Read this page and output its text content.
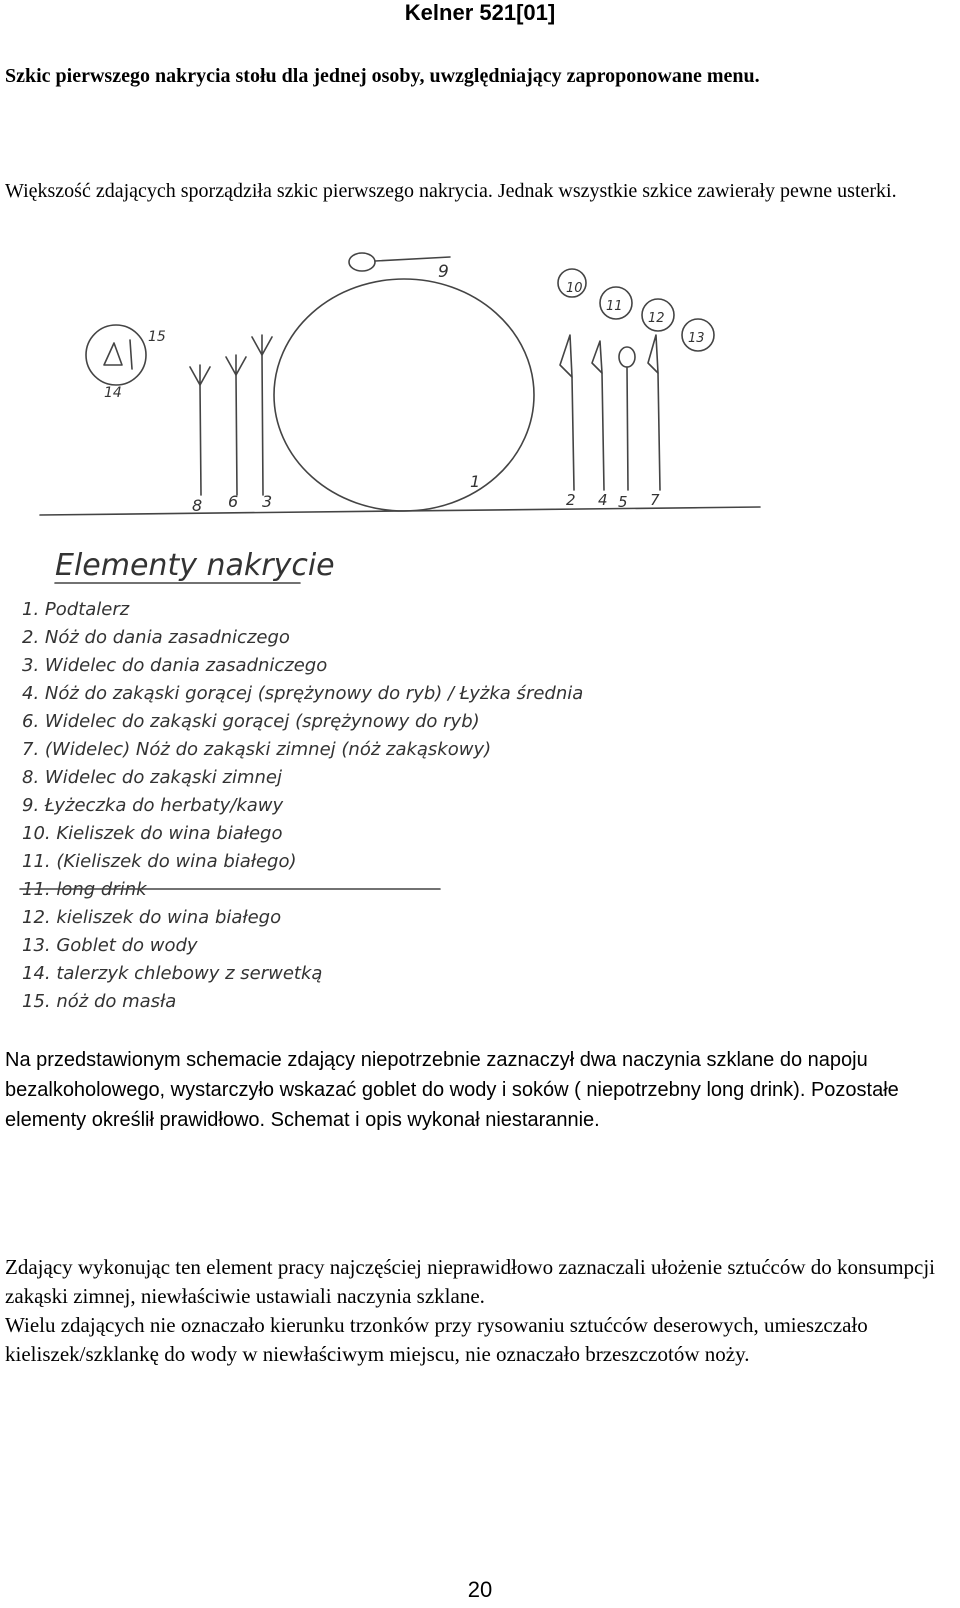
Kelner 521[01]
Szkic pierwszego nakrycia stołu dla jednej osoby, uwzględniający zaproponowane menu.
Większość zdających sporządziła szkic pierwszego nakrycia. Jednak wszystkie szkice zawierały pewne usterki.
9
1
15
14
8 6 3	2 4 5 7
10
11
12
13
Elementy nakrycie
1. Podtalerz
2. Nóż do dania zasadniczego
3. Widelec do dania zasadniczego
4. Nóż do zakąski gorącej (sprężynowy do ryb) / Łyżka średnia
6. Widelec do zakąski gorącej (sprężynowy do ryb)
7. (Widelec) Nóż do zakąski zimnej (nóż zakąskowy)
8. Widelec do zakąski zimnej
9. Łyżeczka do herbaty/kawy
10. Kieliszek do wina białego
11. (Kieliszek do wina białego)
11. long drink
12. kieliszek do wina białego
13. Goblet do wody
14. talerzyk chlebowy z serwetką
15. nóż do masła
Na przedstawionym schemacie zdający niepotrzebnie zaznaczył dwa naczynia szklane do napoju bezalkoholowego, wystarczyło wskazać goblet do wody i soków ( niepotrzebny long drink). Pozostałe elementy określił prawidłowo. Schemat i opis wykonał niestarannie.

Zdający wykonując ten element pracy najczęściej nieprawidłowo zaznaczali ułożenie sztućców do konsumpcji zakąski zimnej, niewłaściwie ustawiali naczynia szklane.

Wielu zdających nie oznaczało kierunku trzonków przy rysowaniu sztućców deserowych, umieszczało kieliszek/szklankę do wody w niewłaściwym miejscu, nie oznaczało brzeszczotów noży.

20
